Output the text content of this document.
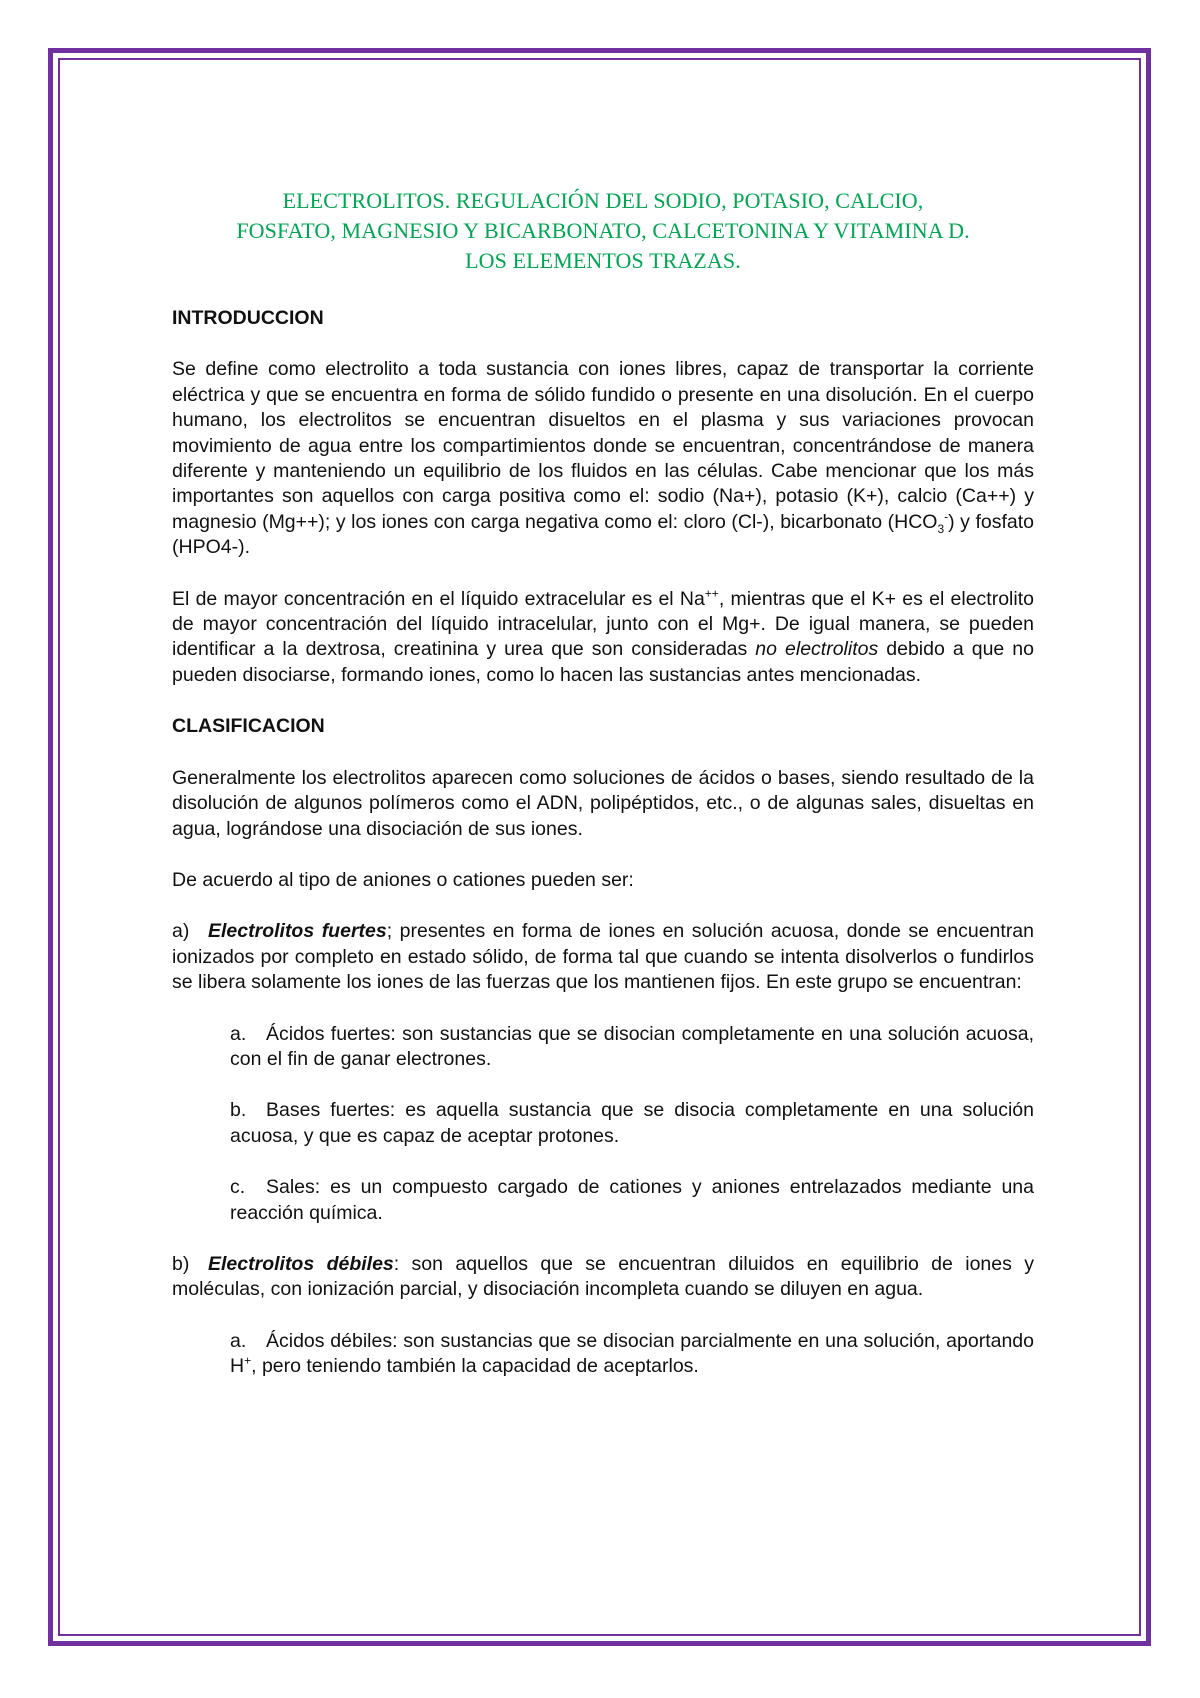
ELECTROLITOS. REGULACIÓN DEL SODIO, POTASIO, CALCIO,
FOSFATO, MAGNESIO Y BICARBONATO, CALCETONINA Y VITAMINA D.
LOS ELEMENTOS TRAZAS.
INTRODUCCION

Se define como electrolito a toda sustancia con iones libres, capaz de transportar la corriente eléctrica y que se encuentra en forma de sólido fundido o presente en una disolución. En el cuerpo humano, los electrolitos se encuentran disueltos en el plasma y sus variaciones provocan movimiento de agua entre los compartimientos donde se encuentran, concentrándose de manera diferente y manteniendo un equilibrio de los fluidos en las células. Cabe mencionar que los más importantes son aquellos con carga positiva como el: sodio (Na+), potasio (K+), calcio (Ca++) y magnesio (Mg++); y los iones con carga negativa como el: cloro (Cl-), bicarbonato $(HCO_3^-)$ y fosfato (HPO4-).

El de mayor concentración en el líquido extracelular es el Na++, mientras que el K+ es el electrolito de mayor concentración del líquido intracelular, junto con el Mg+. De igual manera, se pueden identificar a la dextrosa, creatinina y urea que son consideradas no electrolitos debido a que no pueden disociarse, formando iones, como lo hacen las sustancias antes mencionadas.

CLASIFICACION

Generalmente los electrolitos aparecen como soluciones de ácidos o bases, siendo resultado de la disolución de algunos polímeros como el ADN, polipéptidos, etc., o de algunas sales, disueltas en agua, lográndose una disociación de sus iones.

De acuerdo al tipo de aniones o cationes pueden ser:

a) Electrolitos fuertes; presentes en forma de iones en solución acuosa, donde se encuentran ionizados por completo en estado sólido, de forma tal que cuando se intenta disolverlos o fundirlos se libera solamente los iones de las fuerzas que los mantienen fijos. En este grupo se encuentran:
a. Ácidos fuertes: son sustancias que se disocian completamente en una solución acuosa, con el fin de ganar electrones.
b. Bases fuertes: es aquella sustancia que se disocia completamente en una solución acuosa, y que es capaz de aceptar protones.
c. Sales: es un compuesto cargado de cationes y aniones entrelazados mediante una reacción química.
b) Electrolitos débiles: son aquellos que se encuentran diluidos en equilibrio de iones y moléculas, con ionización parcial, y disociación incompleta cuando se diluyen en agua.
a. Ácidos débiles: son sustancias que se disocian parcialmente en una solución, aportando H+, pero teniendo también la capacidad de aceptarlos.
